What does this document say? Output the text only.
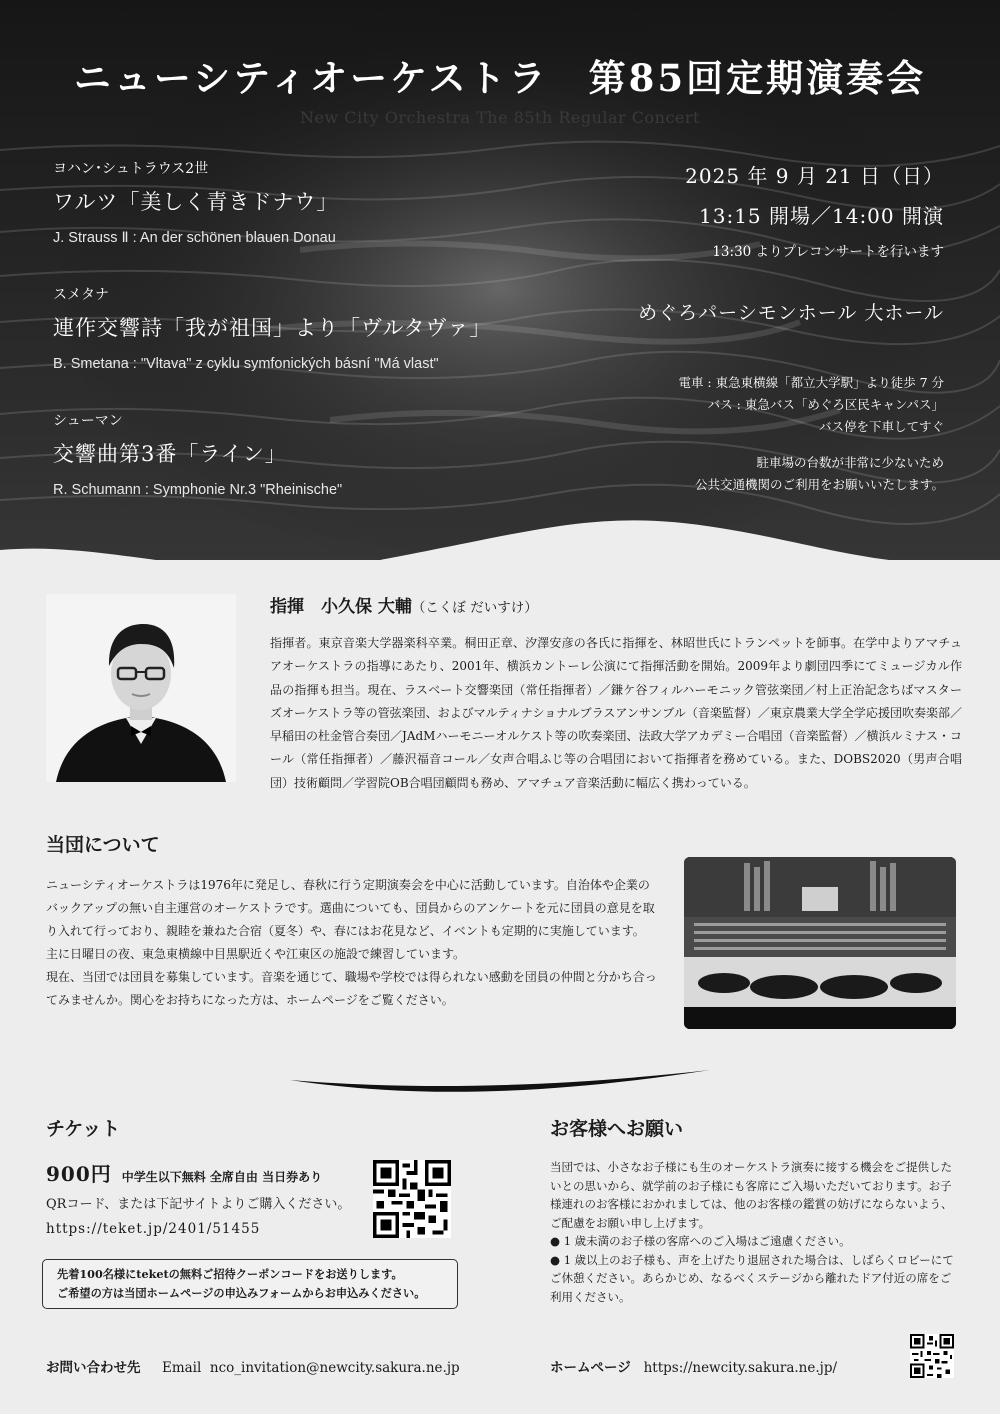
ニューシティオーケストラ　第85回定期演奏会
New City Orchestra The 85th Regular Concert
ヨハン･シュトラウス2世
ワルツ「美しく青きドナウ」
J. Strauss Ⅱ : An der schönen blauen Donau
スメタナ
連作交響詩「我が祖国」より「ヴルタヴァ」
B. Smetana : "Vltava" z cyklu symfonických básní "Má vlast"
シューマン
交響曲第3番「ライン」
R. Schumann : Symphonie Nr.3 "Rheinische"
2025 年 9 月 21 日（日）
13:15 開場／14:00 開演
13:30 よりプレコンサートを行います
めぐろパーシモンホール 大ホール
電車 : 東急東横線「都立大学駅」より徒歩 7 分
バス : 東急バス「めぐろ区民キャンパス」
バス停を下車してすぐ
駐車場の台数が非常に少ないため
公共交通機関のご利用をお願いいたします。
指揮　小久保 大輔（こくぼ だいすけ）
指揮者。東京音楽大学器楽科卒業。桐田正章、汐澤安彦の各氏に指揮を、林昭世氏にトランペットを師事。在学中よりアマチュアオーケストラの指導にあたり、2001年、横浜カントーレ公演にて指揮活動を開始。2009年より劇団四季にてミュージカル作品の指揮も担当。現在、ラスベート交響楽団（常任指揮者）／鎌ケ谷フィルハーモニック管弦楽団／村上正治記念ちばマスターズオーケストラ等の管弦楽団、およびマルティナショナルブラスアンサンブル（音楽監督）／東京農業大学全学応援団吹奏楽部／早稲田の杜金管合奏団／JAdMハーモニーオルケスト等の吹奏楽団、法政大学アカデミー合唱団（音楽監督）／横浜ルミナス・コール（常任指揮者）／藤沢福音コール／女声合唱ふじ等の合唱団において指揮者を務めている。また、DOBS2020（男声合唱団）技術顧問／学習院OB合唱団顧問も務め、アマチュア音楽活動に幅広く携わっている。
当団について

ニューシティオーケストラは1976年に発足し、春秋に行う定期演奏会を中心に活動しています。自治体や企業のバックアップの無い自主運営のオーケストラです。選曲についても、団員からのアンケートを元に団員の意見を取り入れて行っており、親睦を兼ねた合宿（夏冬）や、春にはお花見など、イベントも定期的に実施しています。

主に日曜日の夜、東急東横線中目黒駅近くや江東区の施設で練習しています。

現在、当団では団員を募集しています。音楽を通じて、職場や学校では得られない感動を団員の仲間と分かち合ってみませんか。関心をお持ちになった方は、ホームページをご覧ください。

チケット
900円 中学生以下無料 全席自由 当日券あり
QRコード、または下記サイトよりご購入ください。
https://teket.jp/2401/51455
先着100名様にteketの無料ご招待クーポンコードをお送りします。
ご希望の方は当団ホームページの申込みフォームからお申込みください。
お客様へお願い

当団では、小さなお子様にも生のオーケストラ演奏に接する機会をご提供したいとの思いから、就学前のお子様にも客席にご入場いただいております。お子様連れのお客様におかれましては、他のお客様の鑑賞の妨げにならないよう、ご配慮をお願い申し上げます。

● 1 歳未満のお子様の客席へのご入場はご遠慮ください。

● 1 歳以上のお子様も、声を上げたり退屈された場合は、しばらくロビーにてご休憩ください。あらかじめ、なるべくステージから離れたドア付近の席をご利用ください。

お問い合わせ先 Email nco_invitation@newcity.sakura.ne.jp	ホームページ https://newcity.sakura.ne.jp/
